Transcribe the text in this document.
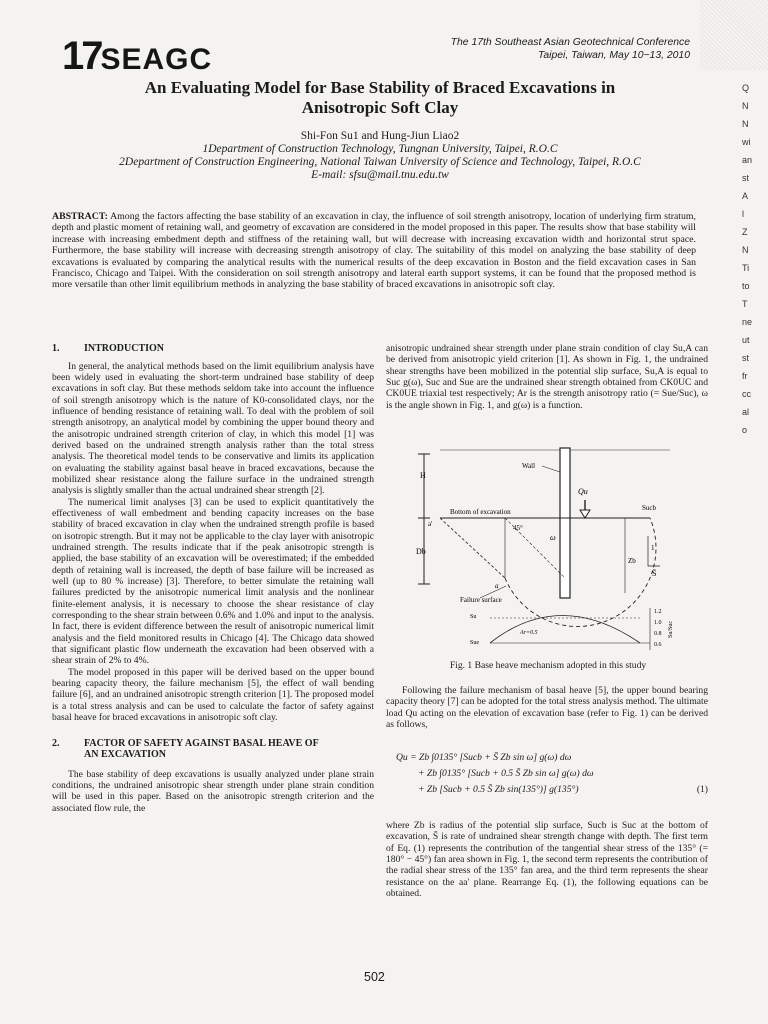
17SEAGC
The 17th Southeast Asian Geotechnical Conference
Taipei, Taiwan, May 10~13, 2010
An Evaluating Model for Base Stability of Braced Excavations in
Anisotropic Soft Clay
Shi-Fon Su1 and Hung-Jiun Liao2
1Department of Construction Technology, Tungnan University, Taipei, R.O.C
2Department of Construction Engineering, National Taiwan University of Science and Technology, Taipei, R.O.C
E-mail: sfsu@mail.tnu.edu.tw
ABSTRACT: Among the factors affecting the base stability of an excavation in clay, the influence of soil strength anisotropy, location of underlying firm stratum, depth and plastic moment of retaining wall, and geometry of excavation are considered in the model proposed in this paper. The results show that base stability will increase with increasing embedment depth and stiffness of the retaining wall, but will decrease with increasing excavation width and horizontal strut space. Furthermore, the base stability will increase with decreasing strength anisotropy of clay. The suitability of this model on analyzing the base stability of deep excavations is evaluated by comparing the analytical results with the numerical results of the deep excavation in Boston and the field excavation cases in San Francisco, Chicago and Taipei. With the consideration on soil strength anisotropy and lateral earth support systems, it can be found that the proposed method is more versatile than other limit equilibrium methods in analyzing the base stability of braced excavations in anisotropic soft clay.
1. INTRODUCTION

In general, the analytical methods based on the limit equilibrium analysis have been widely used in evaluating the short-term undrained base stability of deep excavations in soft clay. But these methods seldom take into account the influence of soil strength anisotropy which is the nature of K0-consolidated clays, nor the influence of bending resistance of retaining wall. To deal with the problem of soil strength anisotropy, an analytical model by combining the upper bound theory and the anisotropic undrained strength criterion of clay, in which this model [1] was derived based on the undrained strength analysis rather than the total stress analysis. The theoretical model tends to be conservative and limits its application on evaluating the stability against basal heave in braced excavations, because the mobilized shear resistance along the failure surface in the undrained strength analysis is slightly smaller than the actual undrained shear strength [2].

The numerical limit analyses [3] can be used to explicit quantitatively the effectiveness of wall embedment and bending capacity increases on the base stability of braced excavation in clay when the undrained strength profile is based on isotropic strength. But it may not be applicable to the clay layer with anisotropic undrained strength. The results indicate that if the peak anisotropic strength is applied, the base stability of an excavation will be overestimated; if the embedded depth of retaining wall is increased, the depth of base failure will be increased as well (up to 80 % increase) [3]. Therefore, to better simulate the retaining wall failures predicted by the anisotropic numerical limit analysis and the nonlinear finite-element analysis, it is necessary to choose the shear resistance of clay corresponding to the shear strain between 0.6% and 1.0% and input to the analysis. In fact, there is evident difference between the result of anisotropic numerical limit analysis and the field monitored results in Chicago [4]. The Chicago data showed that significant plastic flow underneath the excavation had been observed with a shear strain of 2% to 4%.

The model proposed in this paper will be derived based on the upper bound bearing capacity theory, the failure mechanism [5], the effect of wall bending failure [6], and an undrained anisotropic strength criterion [1]. The proposed model is a total stress analysis and can be used to calculate the factor of safety against basal heave for braced excavations in anisotropic soft clay.

2. FACTOR OF SAFETY AGAINST BASAL HEAVE OF
AN EXCAVATION

The base stability of deep excavations is usually analyzed under plane strain conditions, the undrained anisotropic shear strength under plane strain condition will be used in this paper. Based on the anisotropic strength criterion and the associated flow rule, the

anisotropic undrained shear strength under plane strain condition of clay Su,A can be derived from anisotropic yield criterion [1]. As shown in Fig. 1, the undrained shear strengths have been mobilized in the potential slip surface, Su,A is equal to Suc g(ω), Suc and Sue are the undrained shear strength obtained from CK0UC and CK0UE triaxial test respectively; Ar is the strength anisotropy ratio (= Sue/Suc), ω is the angle shown in Fig. 1, and g(ω) is a function.

H
Db
Wall
Bottom of excavation
a'
Qu
Sucb
45°
ω
a
Zb
1
S̄
Failure surface
Su
Sue
Ar=0.5
1.2
1.0
0.8
0.6
Su/Suc
Fig. 1 Base heave mechanism adopted in this study

Following the failure mechanism of basal heave [5], the upper bound bearing capacity theory [7] can be adopted for the total stress analysis method. The ultimate load Qu acting on the elevation of excavation base (refer to Fig. 1) can be derived as follows,

Qu = Zb ∫0135° [Sucb + S̄ Zb sin ω] g(ω) dω
+ Zb ∫0135° [Sucb + 0.5 S̄ Zb sin ω] g(ω) dω
+ Zb [Sucb + 0.5 S̄ Zb sin(135°)] g(135°)	(1)

where Zb is radius of the potential slip surface, Sucb is Suc at the bottom of excavation, S̄ is rate of undrained shear strength change with depth. The first term of Eq. (1) represents the contribution of the tangential shear stress of the 135° (= 180° − 45°) fan area shown in Fig. 1, the second term represents the contribution of the radial shear stress of the 135° fan area, and the third term represents the shear resistance on the aa' plane. Rearrange Eq. (1), the following equations can be obtained.

502
Q
N
N
wi
an
st
A
l
Z
N
Ti
to
T
ne
ut
st
fr
cc
al
o
